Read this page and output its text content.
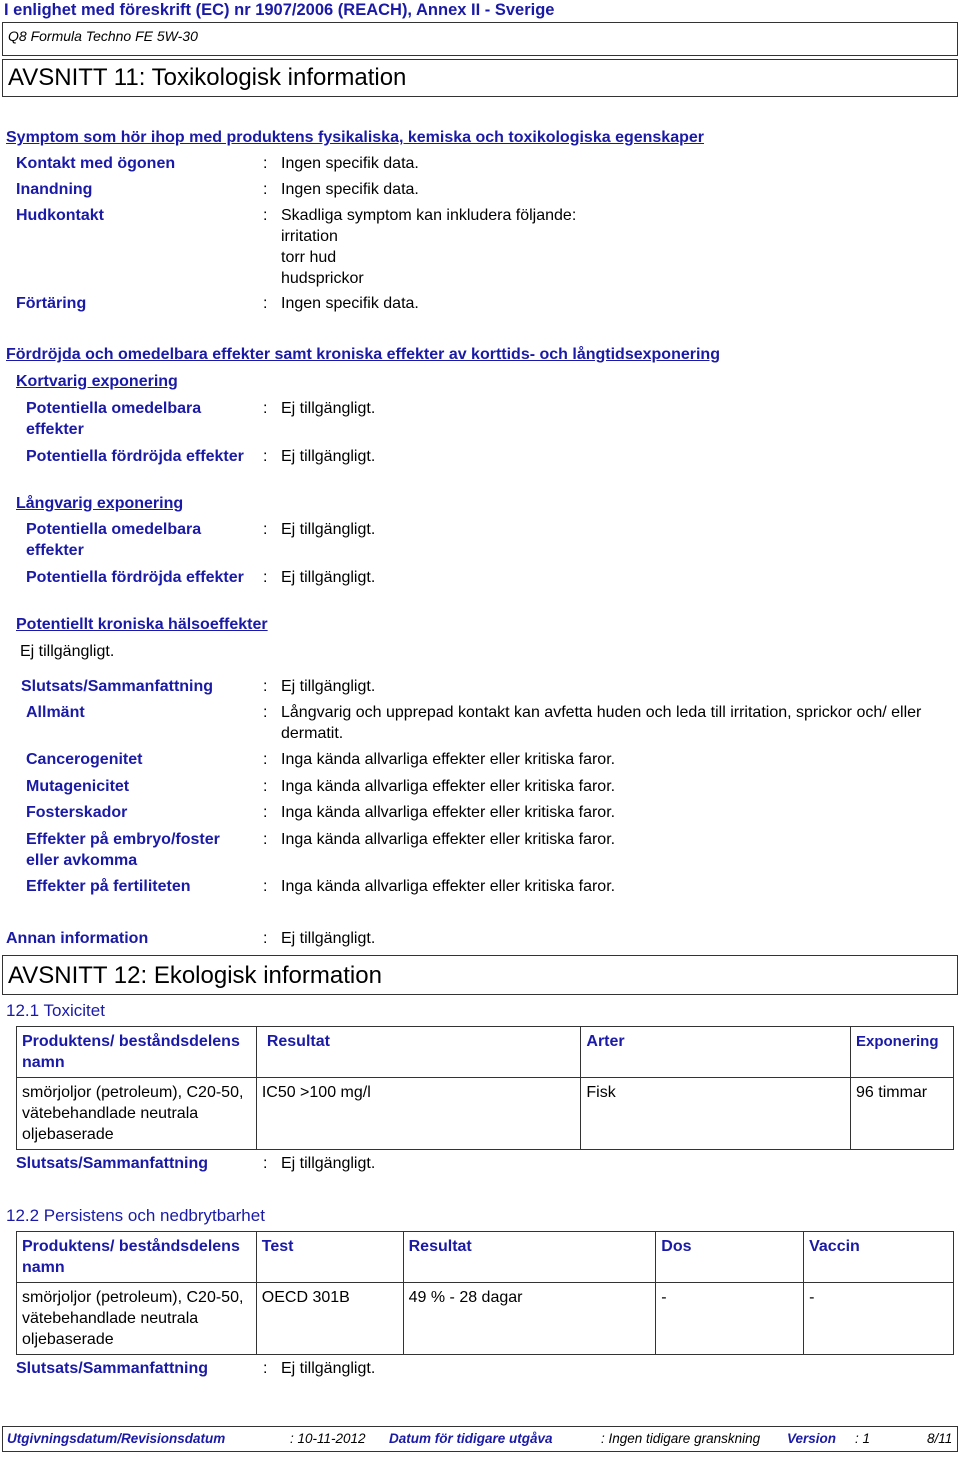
I enlighet med föreskrift (EC) nr 1907/2006 (REACH), Annex II - Sverige
Q8 Formula Techno FE 5W-30
AVSNITT 11: Toxikologisk information
Symptom som hör ihop med produktens fysikaliska, kemiska och toxikologiska egenskaper
Kontakt med ögonen	: Ingen specifik data.
Inandning	: Ingen specifik data.
Hudkontakt	: Skadliga symptom kan inkludera följande:
irritation
torr hud
hudsprickor
Förtäring	: Ingen specifik data.
Fördröjda och omedelbara effekter samt kroniska effekter av korttids- och långtidsexponering
Kortvarig exponering
Potentiella omedelbara effekter
: Ej tillgängligt.
Potentiella fördröjda effekter : Ej tillgängligt.
Långvarig exponering
Potentiella omedelbara effekter
: Ej tillgängligt.
Potentiella fördröjda effekter : Ej tillgängligt.
Potentiellt kroniska hälsoeffekter
Ej tillgängligt.
Slutsats/Sammanfattning	: Ej tillgängligt.
Allmänt	: Långvarig och upprepad kontakt kan avfetta huden och leda till irritation, sprickor och/ eller dermatit.
Cancerogenitet	: Inga kända allvarliga effekter eller kritiska faror.
Mutagenicitet	: Inga kända allvarliga effekter eller kritiska faror.
Fosterskador	: Inga kända allvarliga effekter eller kritiska faror.
Effekter på embryo/foster eller avkomma
: Inga kända allvarliga effekter eller kritiska faror.
Effekter på fertiliteten	: Inga kända allvarliga effekter eller kritiska faror.
Annan information	: Ej tillgängligt.
AVSNITT 12: Ekologisk information
12.1 Toxicitet
Produktens/ beståndsdelens namn	Resultat	Arter	Exponering
smörjoljor (petroleum), C20-50, vätebehandlade neutrala oljebaserade	IC50 >100 mg/l	Fisk	96 timmar
Slutsats/Sammanfattning	: Ej tillgängligt.
12.2 Persistens och nedbrytbarhet
Produktens/ beståndsdelens namn	Test	Resultat	Dos	Vaccin
smörjoljor (petroleum), C20-50, vätebehandlade neutrala oljebaserade	OECD 301B	49 % - 28 dagar	-	-
Slutsats/Sammanfattning	: Ej tillgängligt.
Utgivningsdatum/Revisionsdatum	: 10-11-2012 Datum för tidigare utgåva	: Ingen tidigare granskning Version : 1	8/11
